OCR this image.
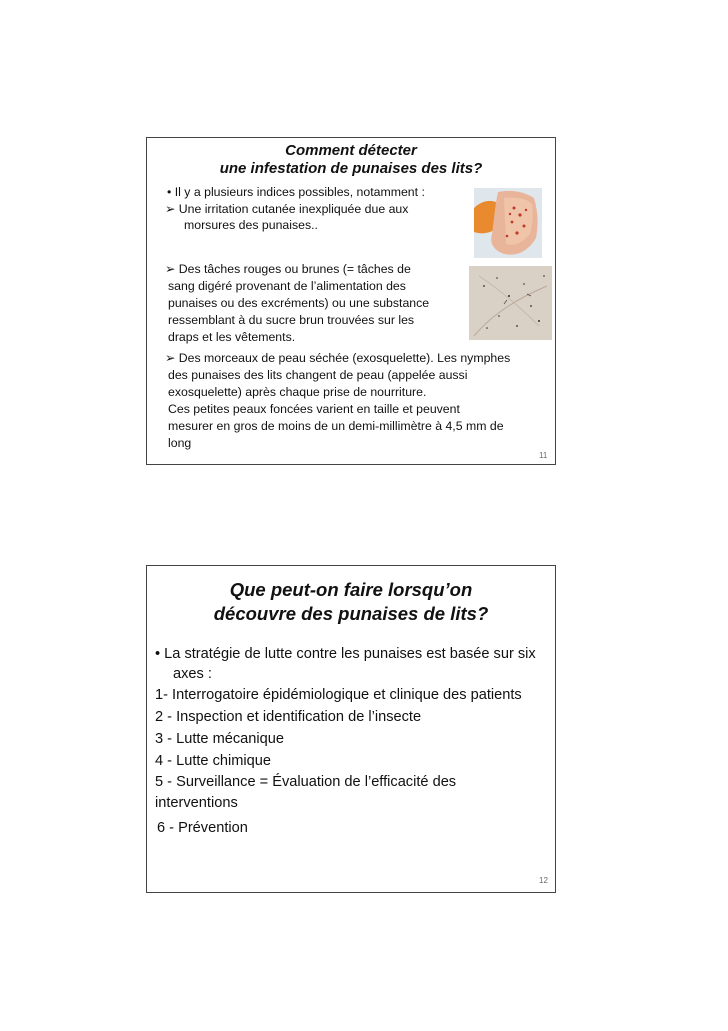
Comment détecter
une infestation de punaises des lits?
• Il y a plusieurs indices possibles, notamment :
➢ Une irritation cutanée inexpliquée due aux
morsures des punaises..
➢ Des tâches rouges ou brunes (= tâches de
sang digéré provenant de l’alimentation des
punaises ou des excréments) ou une substance
ressemblant à du sucre brun trouvées sur les
draps et les vêtements.
➢ Des morceaux de peau séchée (exosquelette). Les nymphes
des punaises des lits changent de peau (appelée aussi
exosquelette) après chaque prise de nourriture.
Ces petites peaux foncées varient en taille et peuvent
mesurer en gros de moins de un demi-millimètre à 4,5 mm de
long
11
Que peut-on faire lorsqu’on
découvre des punaises de lits?
• La stratégie de lutte contre les punaises est basée sur six
axes :
1- Interrogatoire épidémiologique et clinique des patients
2 - Inspection et identification de l’insecte
3 - Lutte mécanique
4 - Lutte chimique
5 - Surveillance = Évaluation de l’efficacité des
interventions
6 - Prévention
12
